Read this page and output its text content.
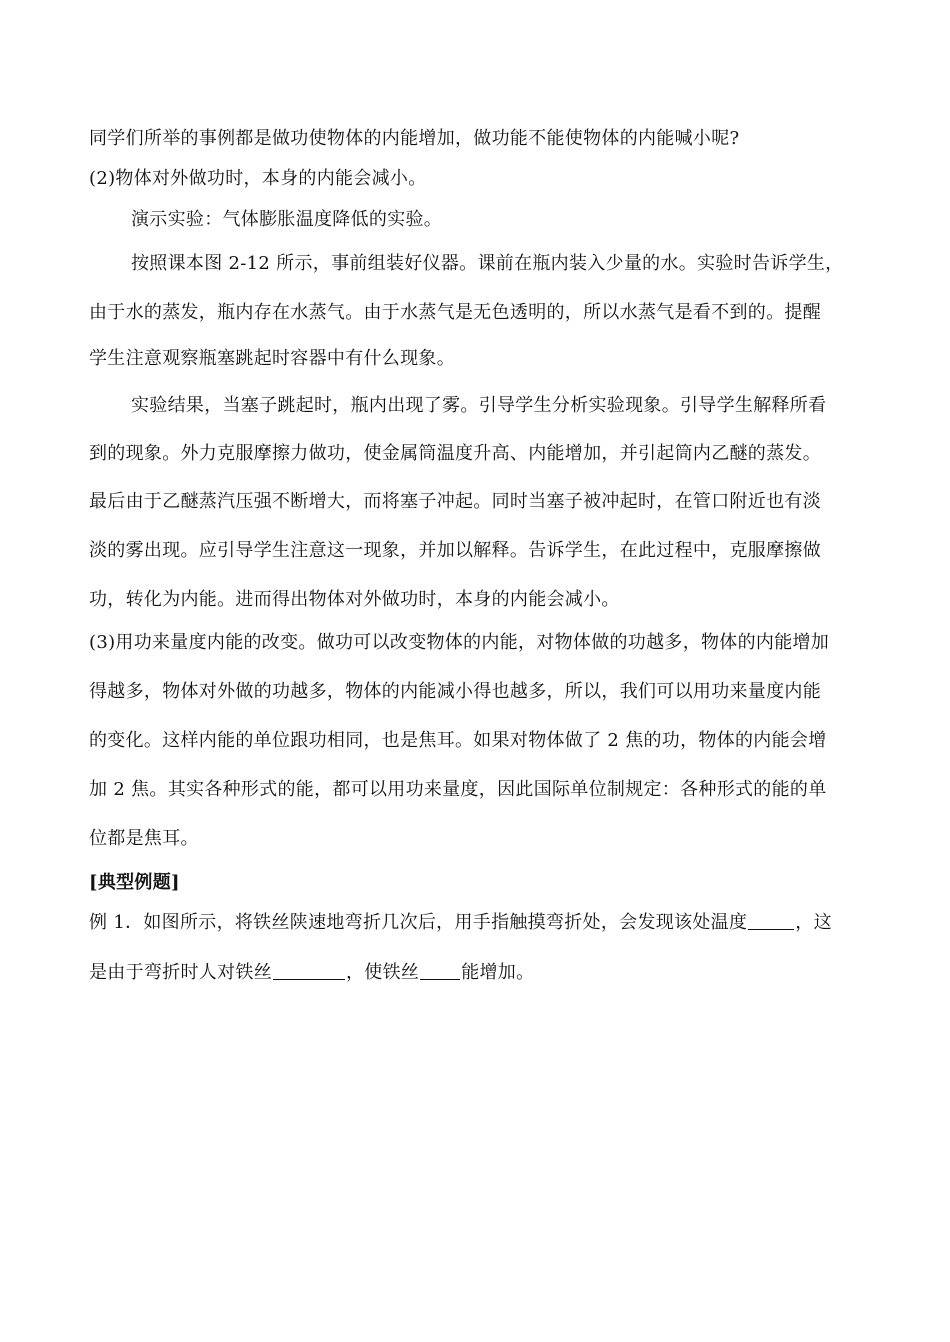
同学们所举的事例都是做功使物体的内能增加，做功能不能使物体的内能喊小呢?
(2)物体对外做功时，本身的内能会减小。
演示实验：气体膨胀温度降低的实验。
按照课本图 2-12 所示，事前组装好仪器。课前在瓶内装入少量的水。实验时告诉学生，
由于水的蒸发，瓶内存在水蒸气。由于水蒸气是无色透明的，所以水蒸气是看不到的。提醒
学生注意观察瓶塞跳起时容器中有什么现象。
实验结果，当塞子跳起时，瓶内出现了雾。引导学生分析实验现象。引导学生解释所看
到的现象。外力克服摩擦力做功，使金属筒温度升高、内能增加，并引起筒内乙醚的蒸发。
最后由于乙醚蒸汽压强不断增大，而将塞子冲起。同时当塞子被冲起时，在管口附近也有淡
淡的雾出现。应引导学生注意这一现象，并加以解释。告诉学生，在此过程中，克服摩擦做
功，转化为内能。进而得出物体对外做功时，本身的内能会减小。
(3)用功来量度内能的改变。做功可以改变物体的内能，对物体做的功越多，物体的内能增加
得越多，物体对外做的功越多，物体的内能减小得也越多，所以，我们可以用功来量度内能
的变化。这样内能的单位跟功相同，也是焦耳。如果对物体做了 2 焦的功，物体的内能会增
加 2 焦。其实各种形式的能，都可以用功来量度，因此国际单位制规定：各种形式的能的单
位都是焦耳。
[典型例题]
例 1．如图所示，将铁丝陕速地弯折几次后，用手指触摸弯折处，会发现该处温度	，这
是由于弯折时人对铁丝	，使铁丝 能增加。
